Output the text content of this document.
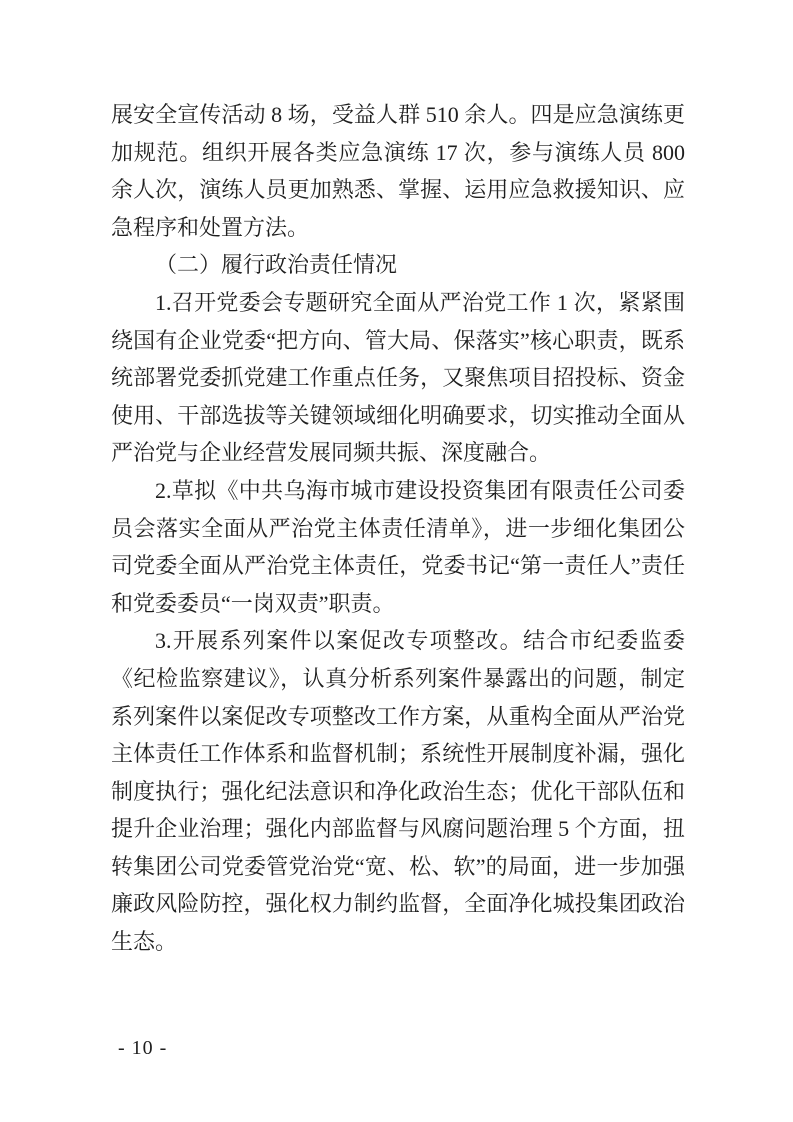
展安全宣传活动 8 场，受益人群 510 余人。四是应急演练更加规范。组织开展各类应急演练 17 次，参与演练人员 800 余人次，演练人员更加熟悉、掌握、运用应急救援知识、应急程序和处置方法。

（二）履行政治责任情况

1.召开党委会专题研究全面从严治党工作 1 次，紧紧围绕国有企业党委“把方向、管大局、保落实”核心职责，既系统部署党委抓党建工作重点任务，又聚焦项目招投标、资金使用、干部选拔等关键领域细化明确要求，切实推动全面从严治党与企业经营发展同频共振、深度融合。

2.草拟《中共乌海市城市建设投资集团有限责任公司委员会落实全面从严治党主体责任清单》，进一步细化集团公司党委全面从严治党主体责任，党委书记“第一责任人”责任和党委委员“一岗双责”职责。

3.开展系列案件以案促改专项整改。结合市纪委监委《纪检监察建议》，认真分析系列案件暴露出的问题，制定系列案件以案促改专项整改工作方案，从重构全面从严治党主体责任工作体系和监督机制；系统性开展制度补漏，强化制度执行；强化纪法意识和净化政治生态；优化干部队伍和提升企业治理；强化内部监督与风腐问题治理 5 个方面，扭转集团公司党委管党治党“宽、松、软”的局面，进一步加强廉政风险防控，强化权力制约监督，全面净化城投集团政治生态。

- 10 -
